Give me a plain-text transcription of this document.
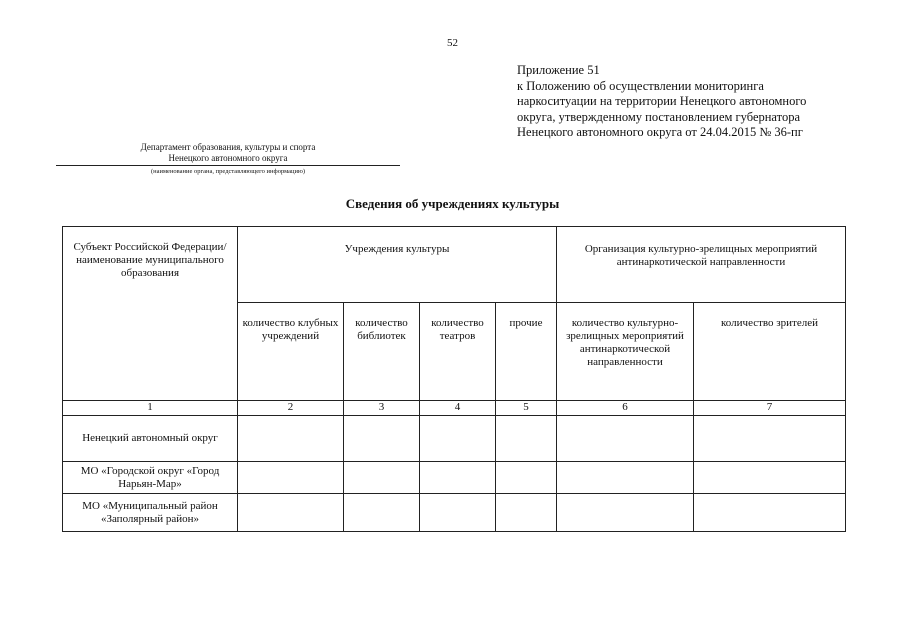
52
Приложение 51
к Положению об осуществлении мониторинга
наркоситуации на территории Ненецкого автономного
округа, утвержденному постановлением губернатора
Ненецкого автономного округа от 24.04.2015 № 36-пг
Департамент образования, культуры и спорта
Ненецкого автономного округа
(наименование органа, представляющего информацию)
Сведения об учреждениях культуры
Субъект Российской Федерации/ наименование муниципального образования	Учреждения культуры				Организация культурно-зрелищных мероприятий антинаркотической направленности	
	количество клубных учреждений	количество библиотек	количество театров	прочие	количество культурно-зрелищных мероприятий антинаркотической направленности	количество зрителей
1	2	3	4	5	6	7
Ненецкий автономный округ						
МО «Городской округ «Город Нарьян-Мар»						
МО «Муниципальный район «Заполярный район»						
